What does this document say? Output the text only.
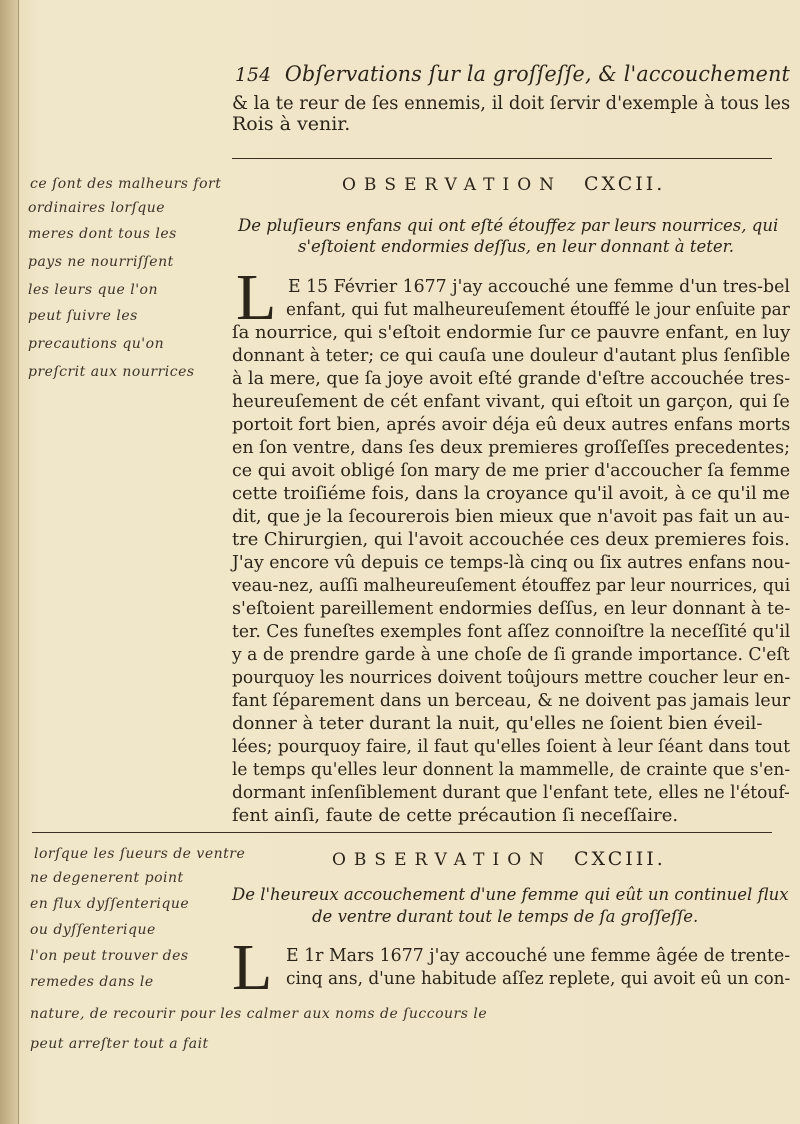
154 Obſervations ſur la groſſeſſe, & l'accouchement
& la te reur de ſes ennemis, il doit ſervir d'exemple à tous les
Rois à venir.
OBSERVATION CXCII.
De pluſieurs enfans qui ont eſté étouffez par leurs nourrices, qui
s'eſtoient endormies deſſus, en leur donnant à teter.
L E 15 Février 1677 j'ay accouché une femme d'un tres-bel
enfant, qui fut malheureuſement étouffé le jour enſuite par
ſa nourrice, qui s'eſtoit endormie ſur ce pauvre enfant, en luy
donnant à teter; ce qui cauſa une douleur d'autant plus ſenſible
à la mere, que ſa joye avoit eſté grande d'eſtre accouchée tres-
heureuſement de cét enfant vivant, qui eſtoit un garçon, qui ſe
portoit fort bien, aprés avoir déja eû deux autres enfans morts
en ſon ventre, dans ſes deux premieres groſſeſſes precedentes;
ce qui avoit obligé ſon mary de me prier d'accoucher ſa femme
cette troiſiéme fois, dans la croyance qu'il avoit, à ce qu'il me
dit, que je la ſecourerois bien mieux que n'avoit pas fait un au-
tre Chirurgien, qui l'avoit accouchée ces deux premieres fois.
J'ay encore vû depuis ce temps-là cinq ou ſix autres enfans nou-
veau-nez, auſſi malheureuſement étouffez par leur nourrices, qui
s'eſtoient pareillement endormies deſſus, en leur donnant à te-
ter. Ces funeſtes exemples font aſſez connoiſtre la neceſſité qu'il
y a de prendre garde à une choſe de ſi grande importance. C'eſt
pourquoy les nourrices doivent toûjours mettre coucher leur en-
fant ſéparement dans un berceau, & ne doivent pas jamais leur
donner à teter durant la nuit, qu'elles ne ſoient bien éveil-
lées; pourquoy faire, il faut qu'elles ſoient à leur ſéant dans tout
le temps qu'elles leur donnent la mammelle, de crainte que s'en-
dormant inſenſiblement durant que l'enfant tete, elles ne l'étouf-
fent ainſi, faute de cette précaution ſi neceſſaire.
OBSERVATION CXCIII.
De l'heureux accouchement d'une femme qui eût un continuel flux
de ventre durant tout le temps de ſa groſſeſſe.
L E 1r Mars 1677 j'ay accouché une femme âgée de trente-
cinq ans, d'une habitude aſſez replete, qui avoit eû un con-
ce ſont des malheurs fort
ordinaires lorſque
meres dont tous les
pays ne nourriſſent
les leurs que l'on
peut ſuivre les
precautions qu'on
preſcrit aux nourrices
lorſque les ſueurs de ventre
ne degenerent point
en flux dyſſenterique
ou dyſſenterique
l'on peut trouver des
remedes dans le
nature, de recourir pour les calmer aux noms de ſuccours le
peut arreſter tout a fait
